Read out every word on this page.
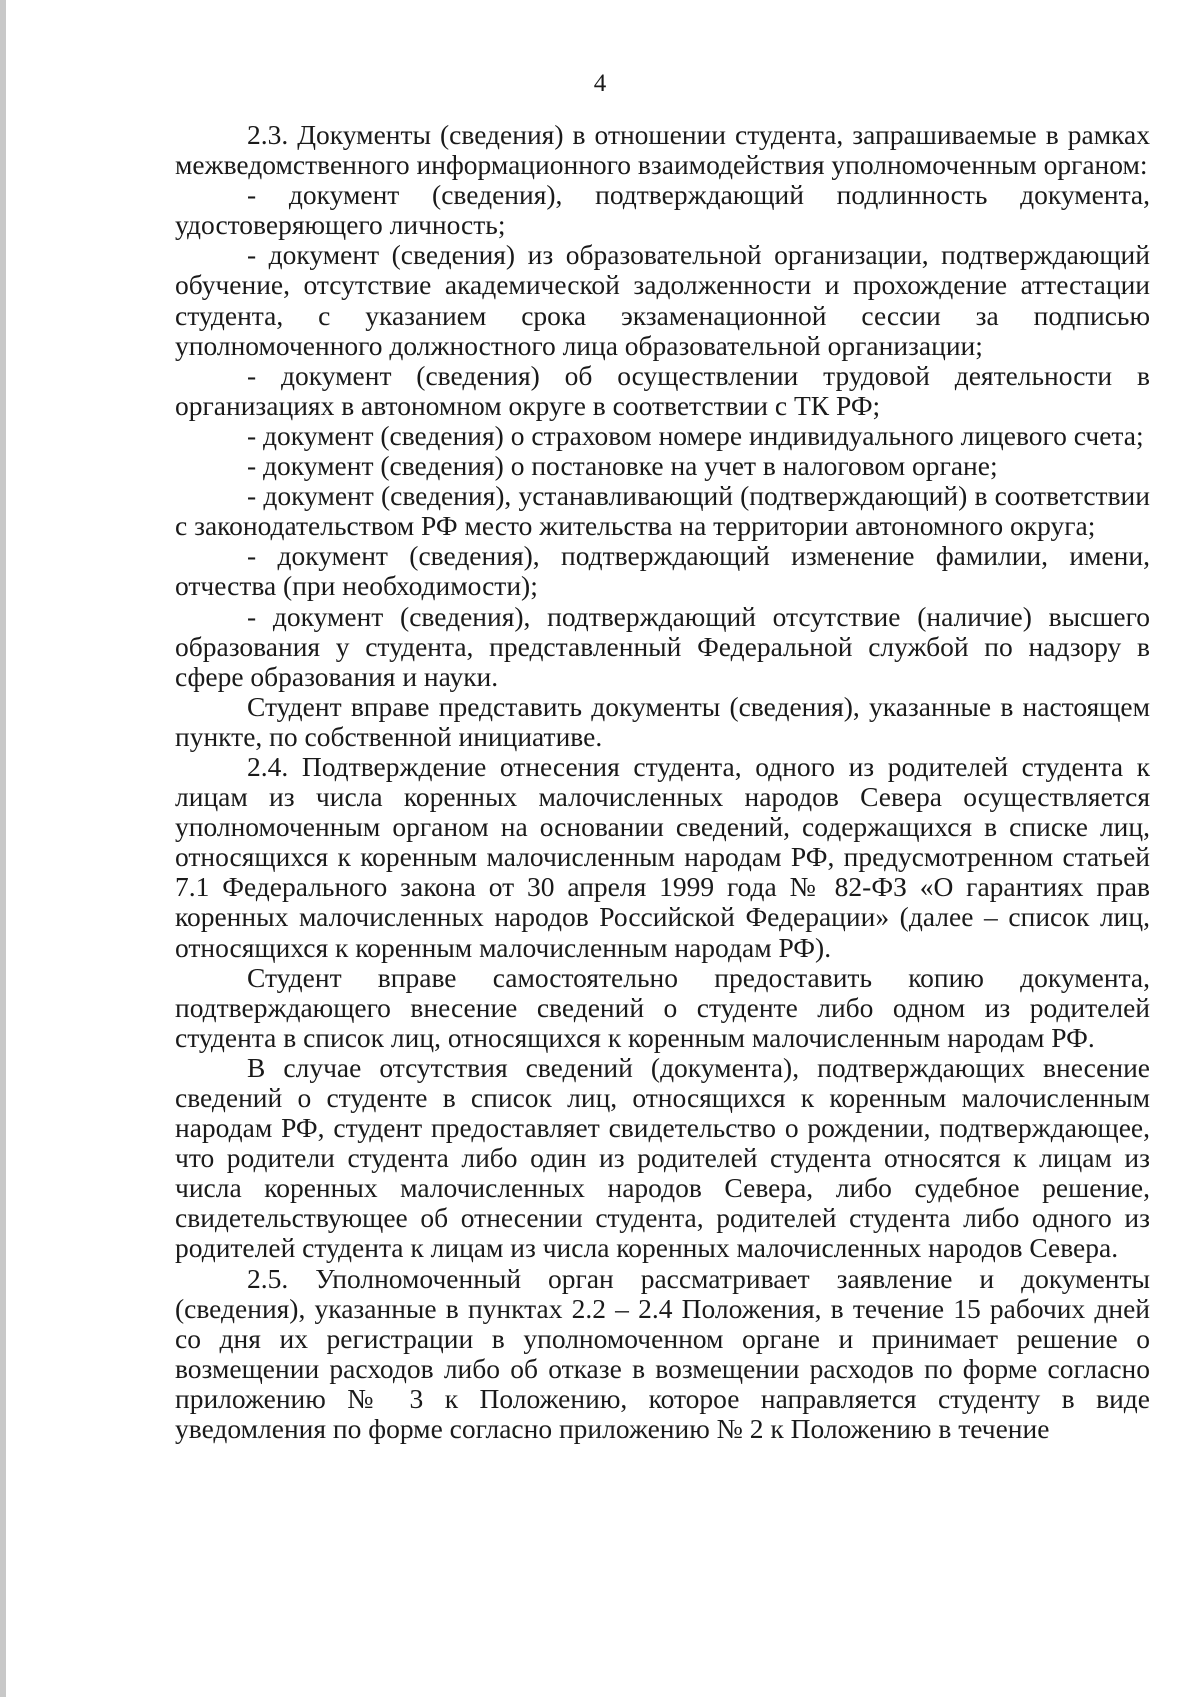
4

2.3. Документы (сведения) в отношении студента, запрашиваемые в рамках межведомственного информационного взаимодействия уполномоченным органом:

- документ (сведения), подтверждающий подлинность документа, удостоверяющего личность;

- документ (сведения) из образовательной организации, подтверждающий обучение, отсутствие академической задолженности и прохождение аттестации студента, с указанием срока экзаменационной сессии за подписью уполномоченного должностного лица образовательной организации;

- документ (сведения) об осуществлении трудовой деятельности в организациях в автономном округе в соответствии с ТК РФ;

- документ (сведения) о страховом номере индивидуального лицевого счета;

- документ (сведения) о постановке на учет в налоговом органе;

- документ (сведения), устанавливающий (подтверждающий) в соответствии с законодательством РФ место жительства на территории автономного округа;

- документ (сведения), подтверждающий изменение фамилии, имени, отчества (при необходимости);

- документ (сведения), подтверждающий отсутствие (наличие) высшего образования у студента, представленный Федеральной службой по надзору в сфере образования и науки.

Студент вправе представить документы (сведения), указанные в настоящем пункте, по собственной инициативе.

2.4. Подтверждение отнесения студента, одного из родителей студента к лицам из числа коренных малочисленных народов Севера осуществляется уполномоченным органом на основании сведений, содержащихся в списке лиц, относящихся к коренным малочисленным народам РФ, предусмотренном статьей 7.1 Федерального закона от 30 апреля 1999 года № 82-ФЗ «О гарантиях прав коренных малочисленных народов Российской Федерации» (далее – список лиц, относящихся к коренным малочисленным народам РФ).

Студент вправе самостоятельно предоставить копию документа, подтверждающего внесение сведений о студенте либо одном из родителей студента в список лиц, относящихся к коренным малочисленным народам РФ.

В случае отсутствия сведений (документа), подтверждающих внесение сведений о студенте в список лиц, относящихся к коренным малочисленным народам РФ, студент предоставляет свидетельство о рождении, подтверждающее, что родители студента либо один из родителей студента относятся к лицам из числа коренных малочисленных народов Севера, либо судебное решение, свидетельствующее об отнесении студента, родителей студента либо одного из родителей студента к лицам из числа коренных малочисленных народов Севера.

2.5. Уполномоченный орган рассматривает заявление и документы (сведения), указанные в пунктах 2.2 – 2.4 Положения, в течение 15 рабочих дней со дня их регистрации в уполномоченном органе и принимает решение о возмещении расходов либо об отказе в возмещении расходов по форме согласно приложению № 3 к Положению, которое направляется студенту в виде уведомления по форме согласно приложению № 2 к Положению в течение
